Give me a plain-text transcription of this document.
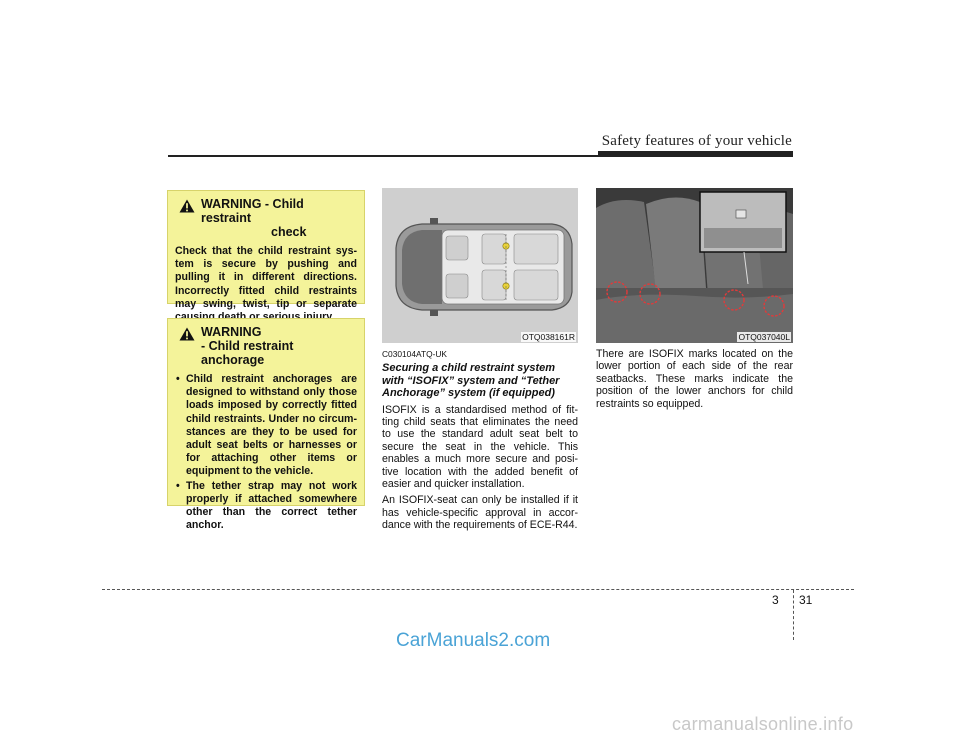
Safety features of your vehicle
WARNING - Child restraint
check
Check that the child restraint sys-tem is secure by pushing and pulling it in different directions. Incorrectly fitted child restraints may swing, twist, tip or separate
WARNING
- Child restraint anchorage
• Child restraint anchorages are designed to withstand only those loads imposed by correctly fitted child restraints. Under no circum-stances are they to be used for adult seat belts or harnesses or for attaching other items or equipment to the vehicle.
• The tether strap may not work properly if attached somewhere other than the correct tether anchor.
OTQ038161R	OTQ037040L
C030104ATQ-UK
Securing a child restraint system with “ISOFIX” system and “Tether Anchorage” system (if equipped)
ISOFIX is a standardised method of fit-ting child seats that eliminates the need to use the standard adult seat belt to secure the seat in the vehicle. This enables a much more secure and posi-tive location with the added benefit of easier and quicker installation.
An ISOFIX-seat can only be installed if it has vehicle-specific approval in accor-dance with the requirements of ECE-R44.
There are ISOFIX marks located on the lower portion of each side of the rear seatbacks. These marks indicate the position of the lower anchors for child restraints so equipped.
3 31
CarManuals2.com
carmanualsonline.info
